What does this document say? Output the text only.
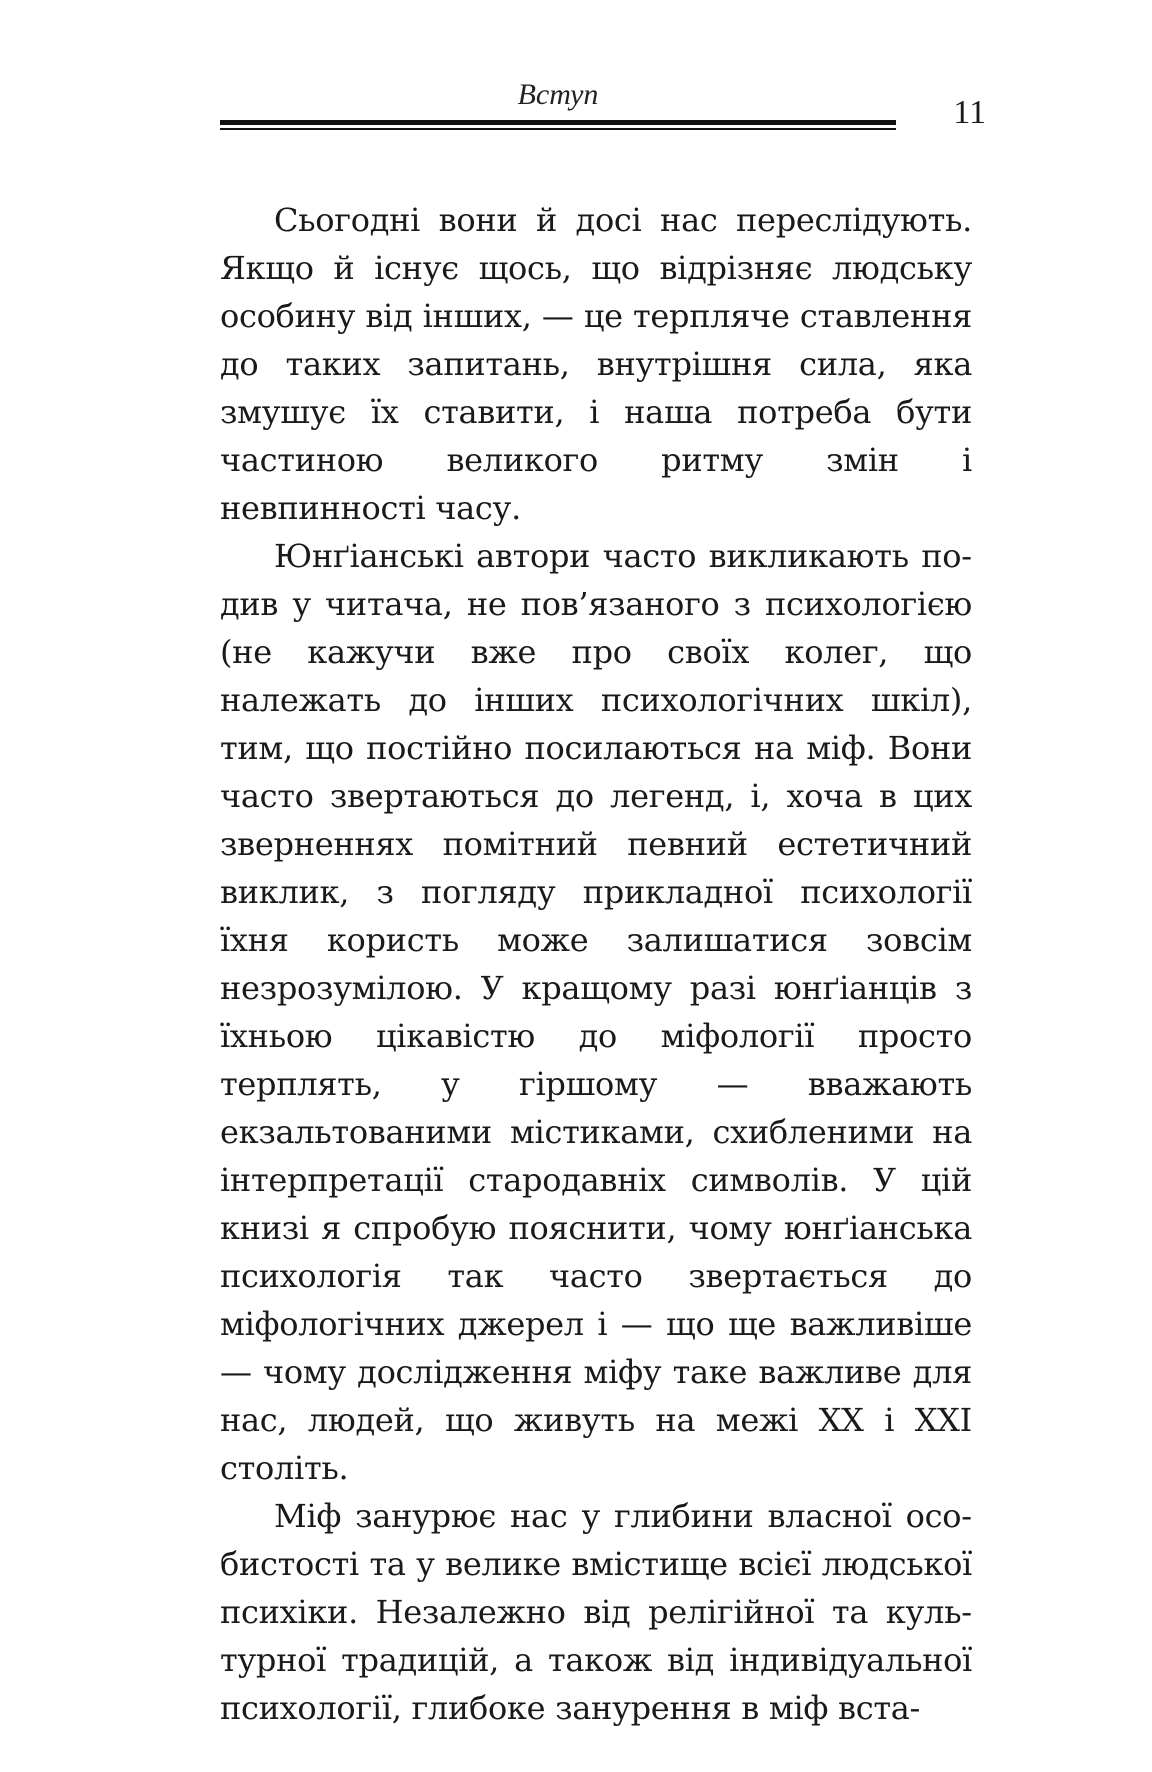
Вступ	11

Сьогодні вони й досі нас переслідують. Якщо й існує щось, що відрізняє людську особину від інших, — це терпляче ставлення до таких запитань, внутрішня сила, яка змушує їх ставити, і наша потреба бути частиною великого ритму змін і невпинності часу.

Юнґіанські автори часто викликають подив у читача, не пов’язаного з психологією (не кажучи вже про своїх колег, що належать до інших психологічних шкіл), тим, що постійно посилаються на міф. Вони часто звертаються до легенд, і, хоча в цих зверненнях помітний певний естетичний виклик, з погляду прикладної психології їхня користь може залишатися зовсім незрозумілою. У кращому разі юнґіанців з їхньою цікавістю до міфології просто терплять, у гіршому — вважають екзальтованими містиками, схибленими на інтерпретації стародавніх символів. У цій книзі я спробую пояснити, чому юнґіанська психологія так часто звертається до міфологічних джерел і — що ще важливіше — чому дослідження міфу таке важливе для нас, людей, що живуть на межі XX і XXI століть.

Міф занурює нас у глибини власної особистості та у велике вмістище всієї людської психіки. Незалежно від релігійної та культурної традицій, а також від індивідуальної психології, глибоке занурення в міф вста-
